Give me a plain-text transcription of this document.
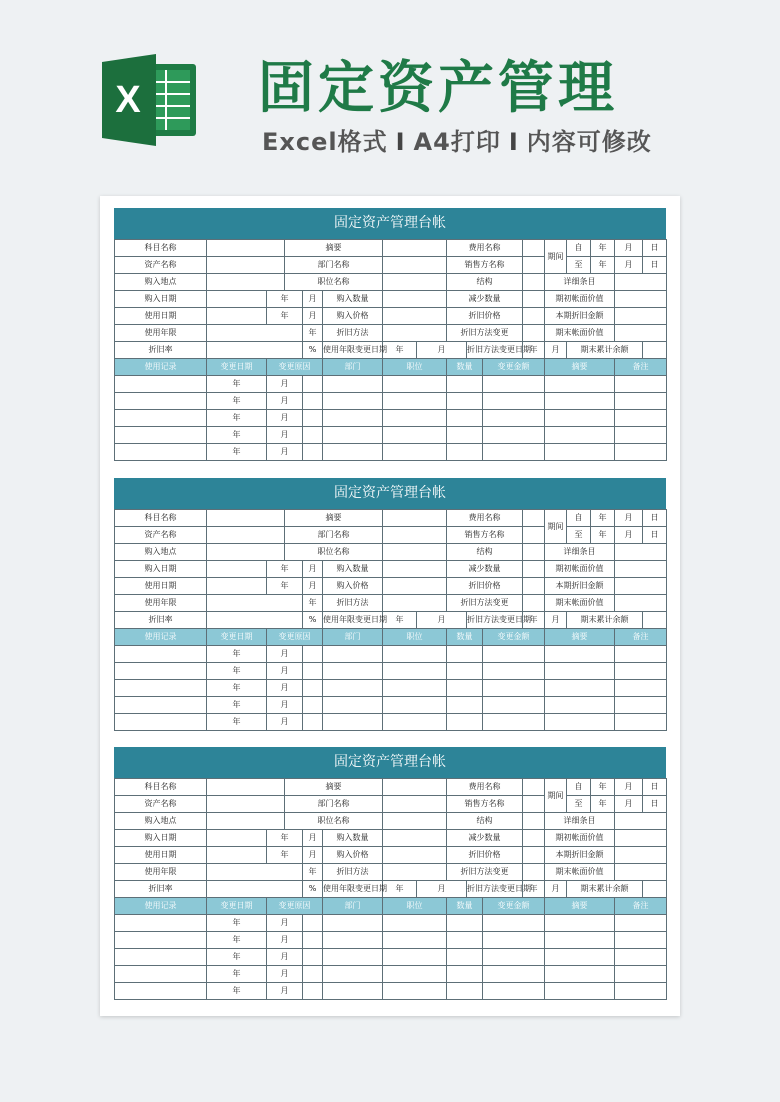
X 固定资产管理
Excel格式 I A4打印 I 内容可修改
固定资产管理台帐
科目名称			摘要					费用名称				期间	自	年	月	日
资产名称			部门名称					销售方名称					至	年	月	日
购入地点			职位名称					结构				详细条目				
购入日期		年		月	购入数量			减少数量				期初帐面价值				
使用日期		年		月	购入价格			折旧价格				本期折旧金额				
使用年限				年	折旧方法			折旧方法变更				期末帐面价值				
折旧率				%	使用年限变更日期	年	月		折旧方法变更日期		年	月	期末累计余额			
使用记录	变更日期	变更原因			部门	职位		数量		变更金额		摘要			备注	
	年	月														
	年	月														
	年	月														
	年	月														
	年	月														
固定资产管理台帐
科目名称			摘要					费用名称				期间	自	年	月	日
资产名称			部门名称					销售方名称					至	年	月	日
购入地点			职位名称					结构				详细条目				
购入日期		年		月	购入数量			减少数量				期初帐面价值				
使用日期		年		月	购入价格			折旧价格				本期折旧金额				
使用年限				年	折旧方法			折旧方法变更				期末帐面价值				
折旧率				%	使用年限变更日期	年	月		折旧方法变更日期		年	月	期末累计余额			
使用记录	变更日期	变更原因			部门	职位		数量		变更金额		摘要			备注	
	年	月														
	年	月														
	年	月														
	年	月														
	年	月														
固定资产管理台帐
科目名称			摘要					费用名称				期间	自	年	月	日
资产名称			部门名称					销售方名称					至	年	月	日
购入地点			职位名称					结构				详细条目				
购入日期		年		月	购入数量			减少数量				期初帐面价值				
使用日期		年		月	购入价格			折旧价格				本期折旧金额				
使用年限				年	折旧方法			折旧方法变更				期末帐面价值				
折旧率				%	使用年限变更日期	年	月		折旧方法变更日期		年	月	期末累计余额			
使用记录	变更日期	变更原因			部门	职位		数量		变更金额		摘要			备注	
	年	月														
	年	月														
	年	月														
	年	月														
	年	月														
